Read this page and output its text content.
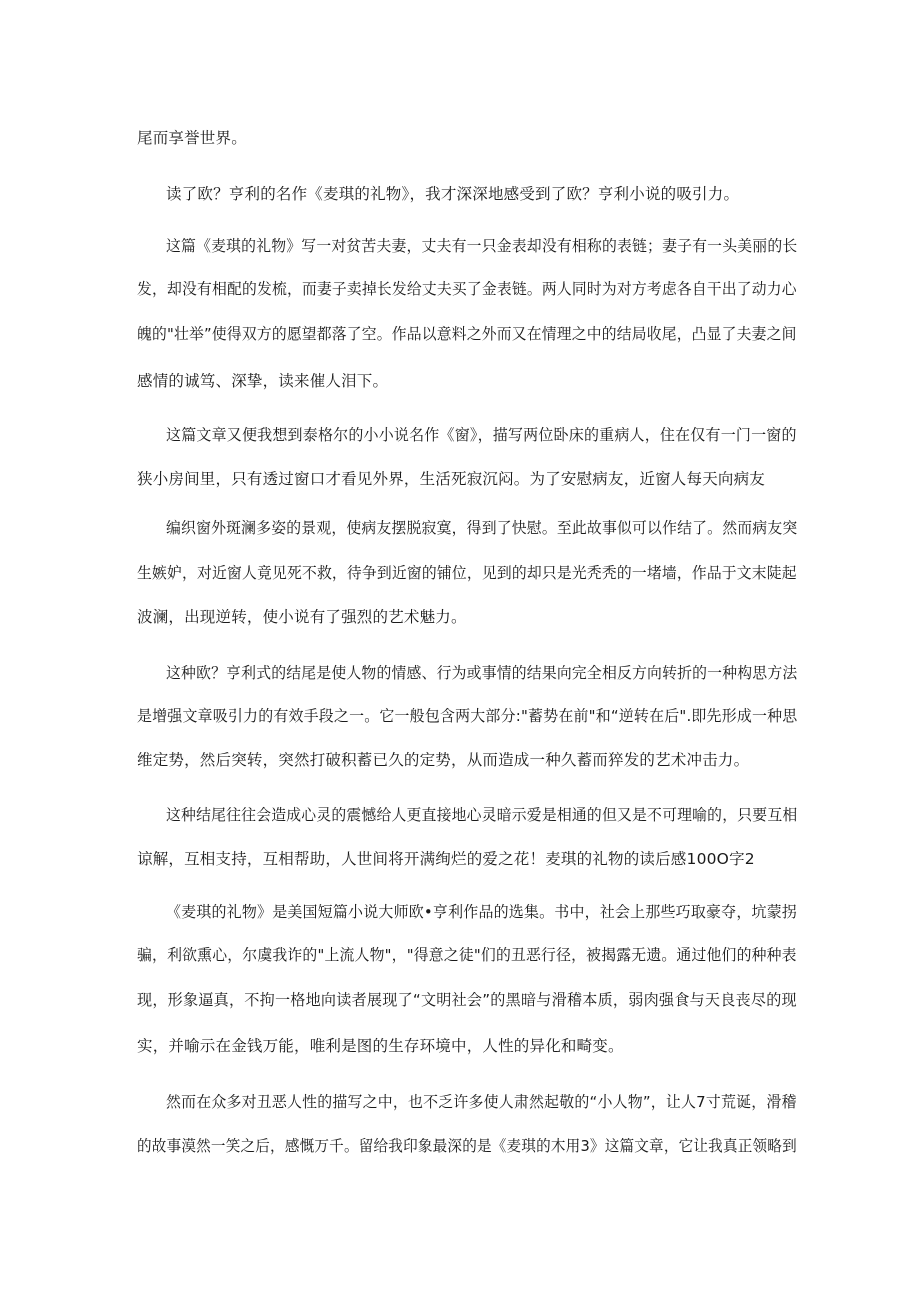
尾而享誉世界。
读了欧？亨利的名作《麦琪的礼物》，我才深深地感受到了欧？亨利小说的吸引力。
这篇《麦琪的礼物》写一对贫苦夫妻，丈夫有一只金表却没有相称的表链；妻子有一头美丽的长
发，却没有相配的发梳，而妻子卖掉长发给丈夫买了金表链。两人同时为对方考虑各自干出了动力心
魄的"壮举”使得双方的愿望都落了空。作品以意料之外而又在情理之中的结局收尾，凸显了夫妻之间
感情的诚笃、深挚，读来催人泪下。
这篇文章又便我想到泰格尔的小小说名作《窗》，描写两位卧床的重病人，住在仅有一门一窗的
狭小房间里，只有透过窗口才看见外界，生活死寂沉闷。为了安慰病友，近窗人每天向病友
编织窗外斑澜多姿的景观，使病友摆脱寂寞，得到了快慰。至此故事似可以作结了。然而病友突
生嫉妒，对近窗人竟见死不救，待争到近窗的铺位，见到的却只是光秃秃的一堵墙，作品于文末陡起
波澜，出现逆转，使小说有了强烈的艺术魅力。
这种欧？亨利式的结尾是使人物的情感、行为或事情的结果向完全相反方向转折的一种构思方法
是增强文章吸引力的有效手段之一。它一般包含两大部分:"蓄势在前"和“逆转在后".即先形成一种思
维定势，然后突转，突然打破积蓄已久的定势，从而造成一种久蓄而猝发的艺术冲击力。
这种结尾往往会造成心灵的震憾给人更直接地心灵暗示爱是相通的但又是不可理喻的，只要互相
谅解，互相支持，互相帮助，人世间将开满绚烂的爱之花！麦琪的礼物的读后感100O字2
《麦琪的礼物》是美国短篇小说大师欧•亨利作品的选集。书中，社会上那些巧取豪夺，坑蒙拐
骗，利欲熏心，尔虞我诈的"上流人物"，"得意之徒"们的丑恶行径，被揭露无遗。通过他们的种种表
现，形象逼真，不拘一格地向读者展现了“文明社会”的黑暗与滑稽本质，弱肉强食与天良丧尽的现
实，并喻示在金钱万能，唯利是图的生存环境中，人性的异化和畸变。
然而在众多对丑恶人性的描写之中，也不乏许多使人肃然起敬的“小人物”，让人7寸荒诞，滑稽
的故事漠然一笑之后，感慨万千。留给我印象最深的是《麦琪的木用3》这篇文章，它让我真正领略到
